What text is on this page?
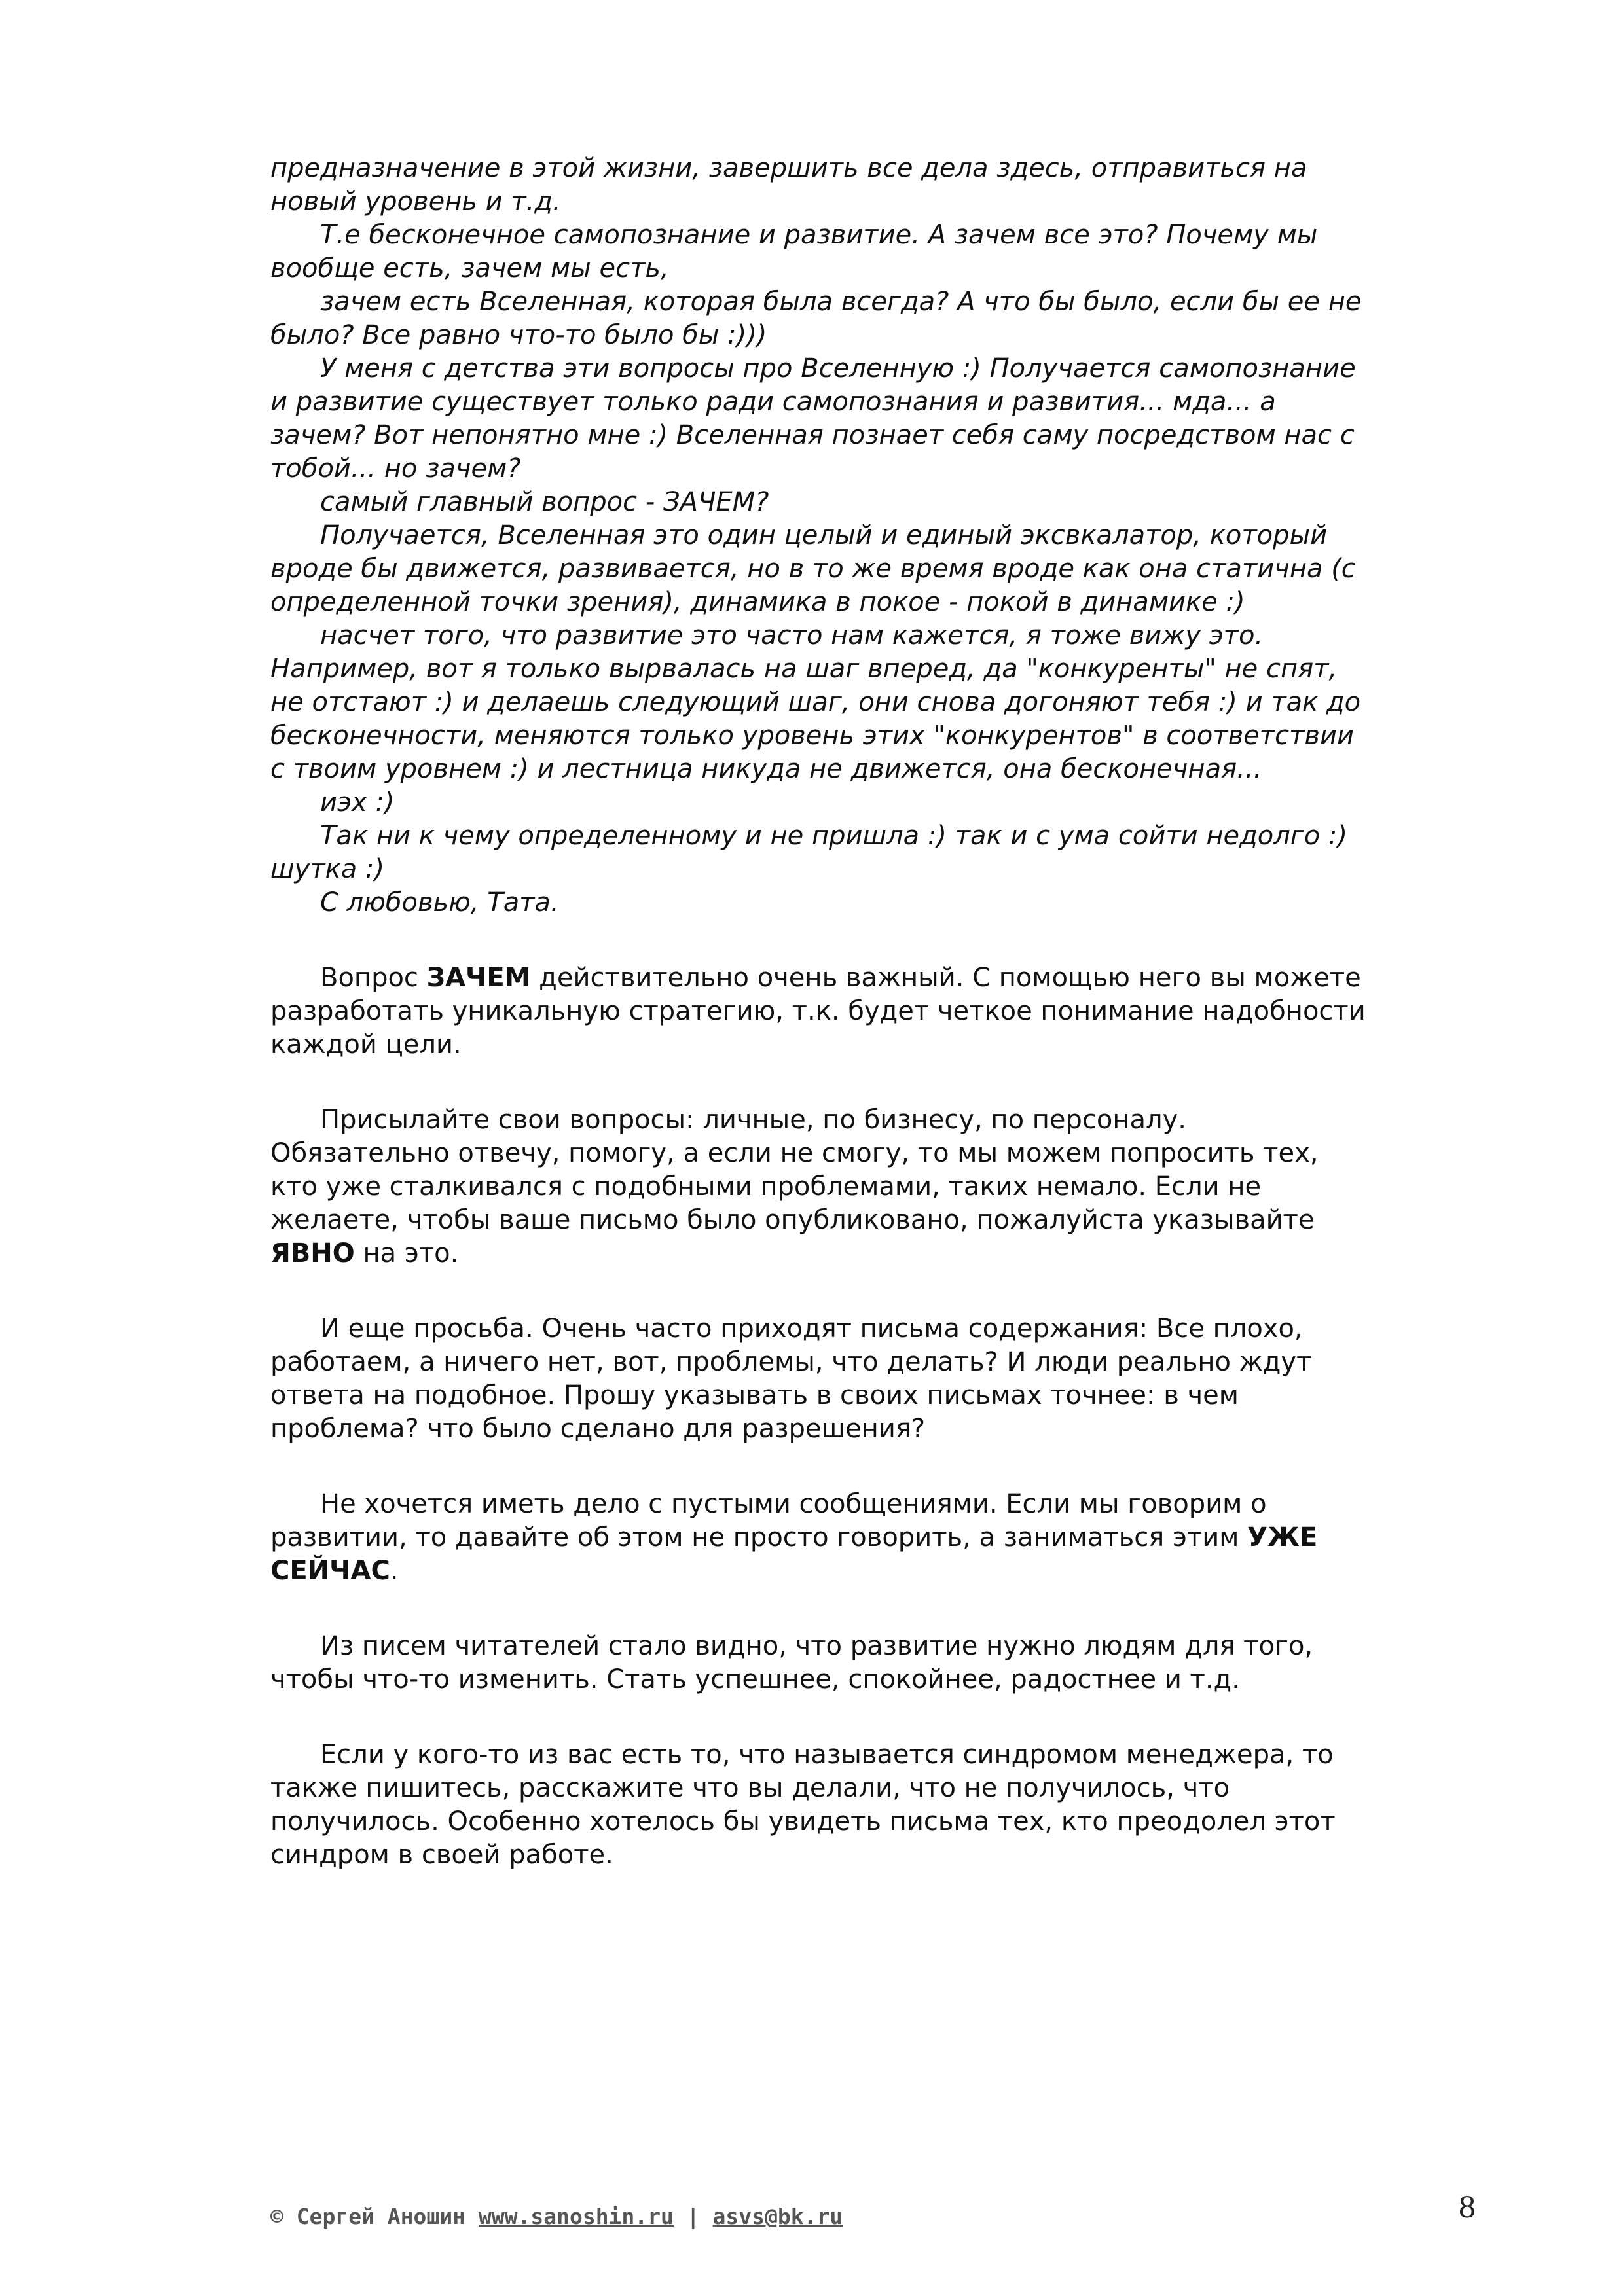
предназначение в этой жизни, завершить все дела здесь, отправиться на новый уровень и т.д.

Т.е бесконечное самопознание и развитие. А зачем все это? Почему мы вообще есть, зачем мы есть,

зачем есть Вселенная, которая была всегда? А что бы было, если бы ее не было? Все равно что-то было бы :)))

У меня с детства эти вопросы про Вселенную :) Получается самопознание и развитие существует только ради самопознания и развития... мда... а зачем? Вот непонятно мне :) Вселенная познает себя саму посредством нас с тобой... но зачем?

самый главный вопрос - ЗАЧЕМ?

Получается, Вселенная это один целый и единый эксвкалатор, который вроде бы движется, развивается, но в то же время вроде как она статична (с определенной точки зрения), динамика в покое - покой в динамике :)

насчет того, что развитие это часто нам кажется, я тоже вижу это. Например, вот я только вырвалась на шаг вперед, да "конкуренты" не спят, не отстают :) и делаешь следующий шаг, они снова догоняют тебя :) и так до бесконечности, меняются только уровень этих "конкурентов" в соответствии с твоим уровнем :) и лестница никуда не движется, она бесконечная...

иэх :)

Так ни к чему определенному и не пришла :) так и с ума сойти недолго :) шутка :)

С любовью, Тата.

Вопрос ЗАЧЕМ действительно очень важный. С помощью него вы можете разработать уникальную стратегию, т.к. будет четкое понимание надобности каждой цели.

Присылайте свои вопросы: личные, по бизнесу, по персоналу. Обязательно отвечу, помогу, а если не смогу, то мы можем попросить тех, кто уже сталкивался с подобными проблемами, таких немало. Если не желаете, чтобы ваше письмо было опубликовано, пожалуйста указывайте ЯВНО на это.

И еще просьба. Очень часто приходят письма содержания: Все плохо, работаем, а ничего нет, вот, проблемы, что делать? И люди реально ждут ответа на подобное. Прошу указывать в своих письмах точнее: в чем проблема? что было сделано для разрешения?

Не хочется иметь дело с пустыми сообщениями. Если мы говорим о развитии, то давайте об этом не просто говорить, а заниматься этим УЖЕ СЕЙЧАС.

Из писем читателей стало видно, что развитие нужно людям для того, чтобы что-то изменить. Стать успешнее, спокойнее, радостнее и т.д.

Если у кого-то из вас есть то, что называется синдромом менеджера, то также пишитесь, расскажите что вы делали, что не получилось, что получилось. Особенно хотелось бы увидеть письма тех, кто преодолел этот синдром в своей работе.

© Сергей Аношин www.sanoshin.ru | asvs@bk.ru	8
